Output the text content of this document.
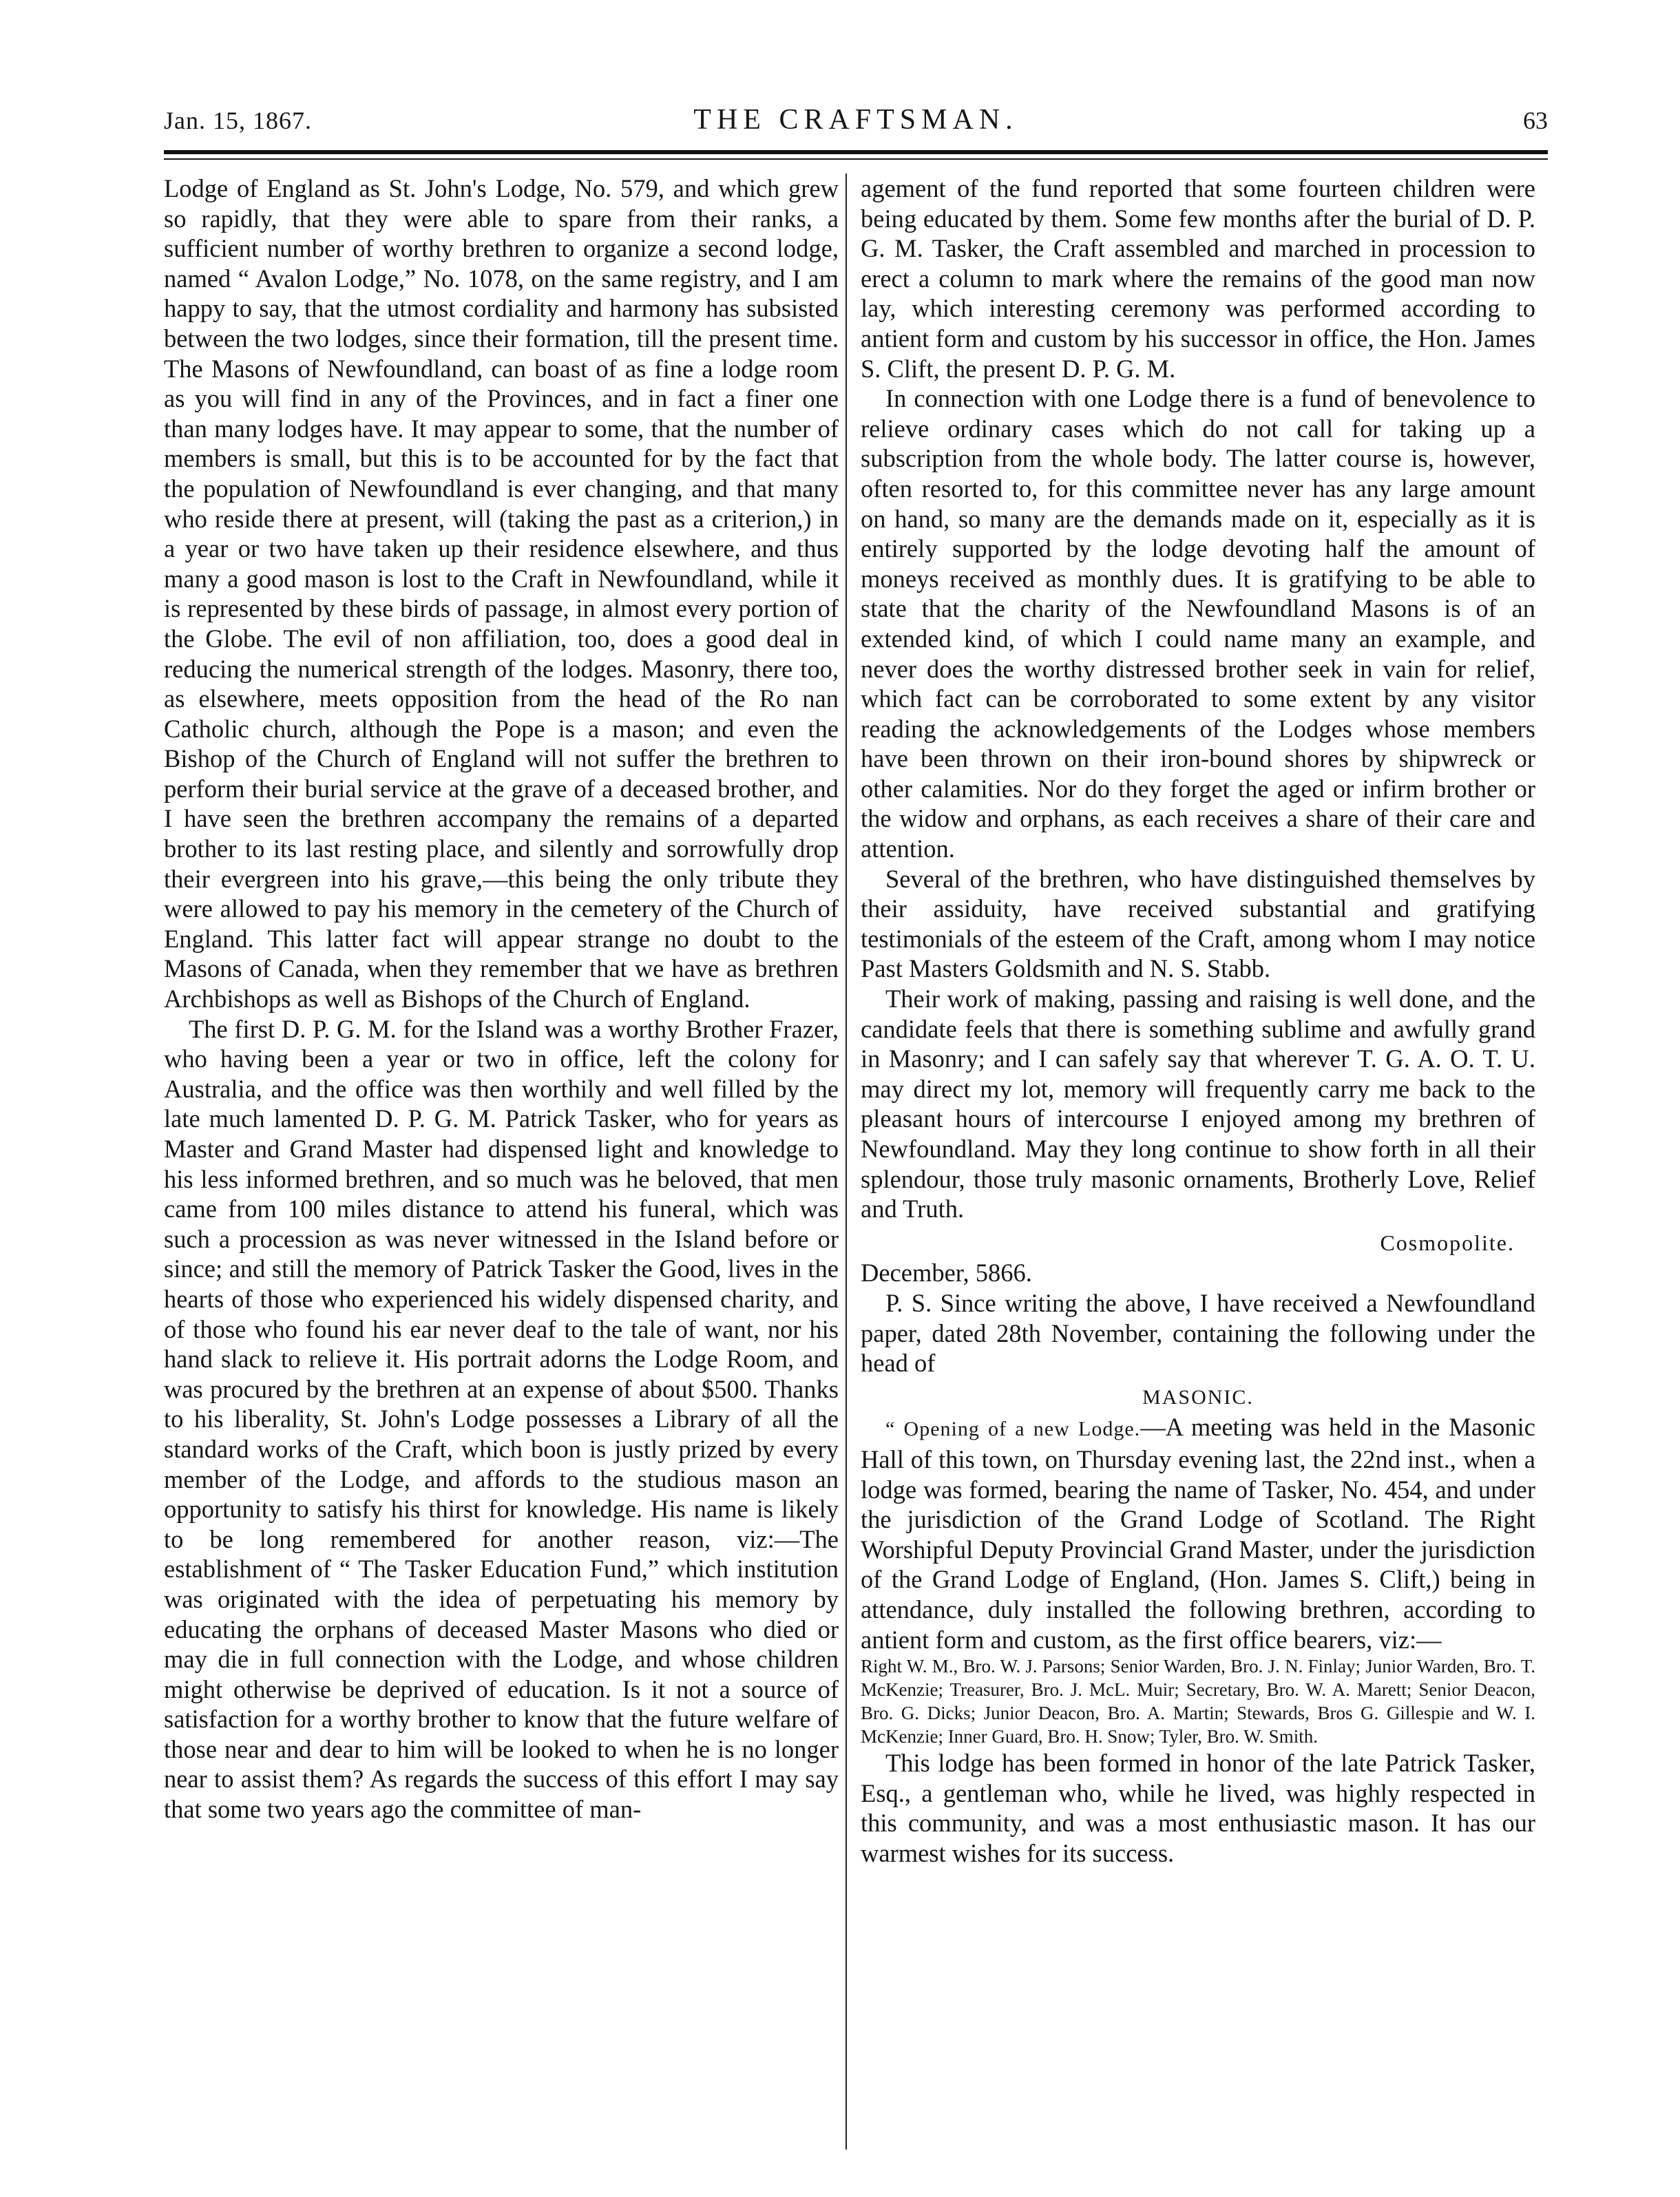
Jan. 15, 1867.	THE CRAFTSMAN.	63

Lodge of England as St. John's Lodge, No. 579, and which grew so rapidly, that they were able to spare from their ranks, a sufficient number of worthy brethren to organize a second lodge, named “ Avalon Lodge,” No. 1078, on the same registry, and I am happy to say, that the utmost cordiality and harmony has subsisted between the two lodges, since their formation, till the present time. The Masons of Newfoundland, can boast of as fine a lodge room as you will find in any of the Provinces, and in fact a finer one than many lodges have. It may appear to some, that the number of members is small, but this is to be accounted for by the fact that the population of Newfoundland is ever changing, and that many who reside there at present, will (taking the past as a criterion,) in a year or two have taken up their residence elsewhere, and thus many a good mason is lost to the Craft in Newfoundland, while it is represented by these birds of passage, in almost every portion of the Globe. The evil of non affiliation, too, does a good deal in reducing the numerical strength of the lodges. Masonry, there too, as elsewhere, meets opposition from the head of the Ro nan Catholic church, although the Pope is a mason; and even the Bishop of the Church of England will not suffer the brethren to perform their burial service at the grave of a deceased brother, and I have seen the brethren accompany the remains of a departed brother to its last resting place, and silently and sorrowfully drop their evergreen into his grave,—this being the only tribute they were allowed to pay his memory in the cemetery of the Church of England. This latter fact will appear strange no doubt to the Masons of Canada, when they remember that we have as brethren Archbishops as well as Bishops of the Church of England.

The first D. P. G. M. for the Island was a worthy Brother Frazer, who having been a year or two in office, left the colony for Australia, and the office was then worthily and well filled by the late much lamented D. P. G. M. Patrick Tasker, who for years as Master and Grand Master had dispensed light and knowledge to his less informed brethren, and so much was he beloved, that men came from 100 miles distance to attend his funeral, which was such a procession as was never witnessed in the Island before or since; and still the memory of Patrick Tasker the Good, lives in the hearts of those who experienced his widely dispensed charity, and of those who found his ear never deaf to the tale of want, nor his hand slack to relieve it. His portrait adorns the Lodge Room, and was procured by the brethren at an expense of about $500. Thanks to his liberality, St. John's Lodge possesses a Library of all the standard works of the Craft, which boon is justly prized by every member of the Lodge, and affords to the studious mason an opportunity to satisfy his thirst for knowledge. His name is likely to be long remembered for another reason, viz:—The establishment of “ The Tasker Education Fund,” which institution was originated with the idea of perpetuating his memory by educating the orphans of deceased Master Masons who died or may die in full connection with the Lodge, and whose children might otherwise be deprived of education. Is it not a source of satisfaction for a worthy brother to know that the future welfare of those near and dear to him will be looked to when he is no longer near to assist them? As regards the success of this effort I may say that some two years ago the committee of man-

agement of the fund reported that some fourteen children were being educated by them. Some few months after the burial of D. P. G. M. Tasker, the Craft assembled and marched in procession to erect a column to mark where the remains of the good man now lay, which interesting ceremony was performed according to antient form and custom by his successor in office, the Hon. James S. Clift, the present D. P. G. M.

In connection with one Lodge there is a fund of benevolence to relieve ordinary cases which do not call for taking up a subscription from the whole body. The latter course is, however, often resorted to, for this committee never has any large amount on hand, so many are the demands made on it, especially as it is entirely supported by the lodge devoting half the amount of moneys received as monthly dues. It is gratifying to be able to state that the charity of the Newfoundland Masons is of an extended kind, of which I could name many an example, and never does the worthy distressed brother seek in vain for relief, which fact can be corroborated to some extent by any visitor reading the acknowledgements of the Lodges whose members have been thrown on their iron-bound shores by shipwreck or other calamities. Nor do they forget the aged or infirm brother or the widow and orphans, as each receives a share of their care and attention.

Several of the brethren, who have distinguished themselves by their assiduity, have received substantial and gratifying testimonials of the esteem of the Craft, among whom I may notice Past Masters Goldsmith and N. S. Stabb.

Their work of making, passing and raising is well done, and the candidate feels that there is something sublime and awfully grand in Masonry; and I can safely say that wherever T. G. A. O. T. U. may direct my lot, memory will frequently carry me back to the pleasant hours of intercourse I enjoyed among my brethren of Newfoundland. May they long continue to show forth in all their splendour, those truly masonic ornaments, Brotherly Love, Relief and Truth.

Cosmopolite.

December, 5866.

P. S. Since writing the above, I have received a Newfoundland paper, dated 28th November, containing the following under the head of

MASONIC.

“ Opening of a new Lodge.—A meeting was held in the Masonic Hall of this town, on Thursday evening last, the 22nd inst., when a lodge was formed, bearing the name of Tasker, No. 454, and under the jurisdiction of the Grand Lodge of Scotland. The Right Worshipful Deputy Provincial Grand Master, under the jurisdiction of the Grand Lodge of England, (Hon. James S. Clift,) being in attendance, duly installed the following brethren, according to antient form and custom, as the first office bearers, viz:—

Right W. M., Bro. W. J. Parsons; Senior Warden, Bro. J. N. Finlay; Junior Warden, Bro. T. McKenzie; Treasurer, Bro. J. McL. Muir; Secretary, Bro. W. A. Marett; Senior Deacon, Bro. G. Dicks; Junior Deacon, Bro. A. Martin; Stewards, Bros G. Gillespie and W. I. McKenzie; Inner Guard, Bro. H. Snow; Tyler, Bro. W. Smith.

This lodge has been formed in honor of the late Patrick Tasker, Esq., a gentleman who, while he lived, was highly respected in this community, and was a most enthusiastic mason. It has our warmest wishes for its success.
